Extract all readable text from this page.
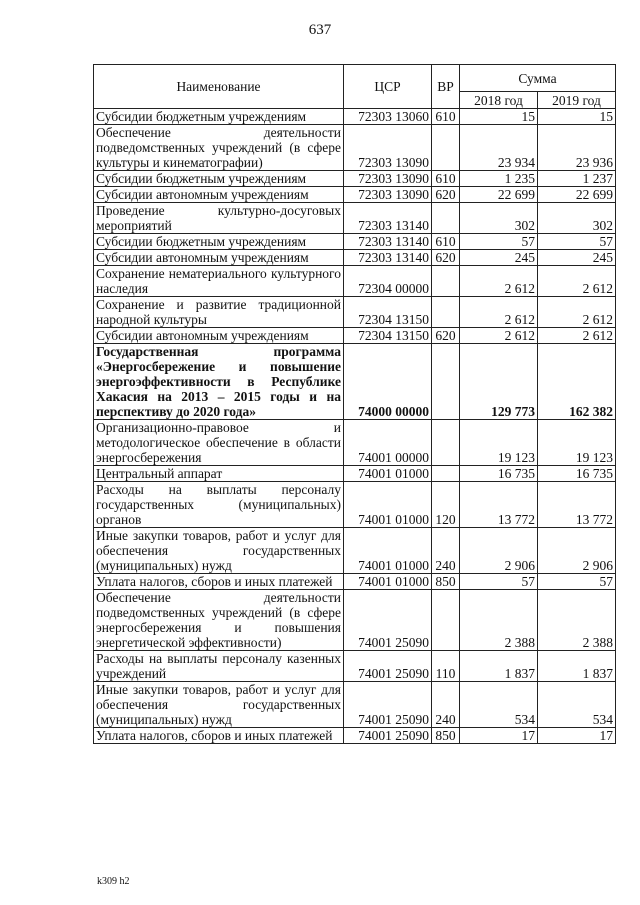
637
Наименование	ЦСР	ВР	Сумма	
			2018 год	2019 год
Субсидии бюджетным учреждениям	72303 13060	610	15	15
Обеспечение деятельности подведомственных учреждений (в сфере культуры и кинематографии)	72303 13090		23 934	23 936
Субсидии бюджетным учреждениям	72303 13090	610	1 235	1 237
Субсидии автономным учреждениям	72303 13090	620	22 699	22 699
Проведение культурно-досуговых мероприятий	72303 13140		302	302
Субсидии бюджетным учреждениям	72303 13140	610	57	57
Субсидии автономным учреждениям	72303 13140	620	245	245
Сохранение нематериального культурного наследия	72304 00000		2 612	2 612
Сохранение и развитие традиционной народной культуры	72304 13150		2 612	2 612
Субсидии автономным учреждениям	72304 13150	620	2 612	2 612
Государственная программа «Энергосбережение и повышение энергоэффективности в Республике Хакасия на 2013 – 2015 годы и на перспективу до 2020 года»	74000 00000		129 773	162 382
Организационно-правовое и методологическое обеспечение в области энергосбережения	74001 00000		19 123	19 123
Центральный аппарат	74001 01000		16 735	16 735
Расходы на выплаты персоналу государственных (муниципальных) органов	74001 01000	120	13 772	13 772
Иные закупки товаров, работ и услуг для обеспечения государственных (муниципальных) нужд	74001 01000	240	2 906	2 906
Уплата налогов, сборов и иных платежей	74001 01000	850	57	57
Обеспечение деятельности подведомственных учреждений (в сфере энергосбережения и повышения энергетической эффективности)	74001 25090		2 388	2 388
Расходы на выплаты персоналу казенных учреждений	74001 25090	110	1 837	1 837
Иные закупки товаров, работ и услуг для обеспечения государственных (муниципальных) нужд	74001 25090	240	534	534
Уплата налогов, сборов и иных платежей	74001 25090	850	17	17
k309 h2
